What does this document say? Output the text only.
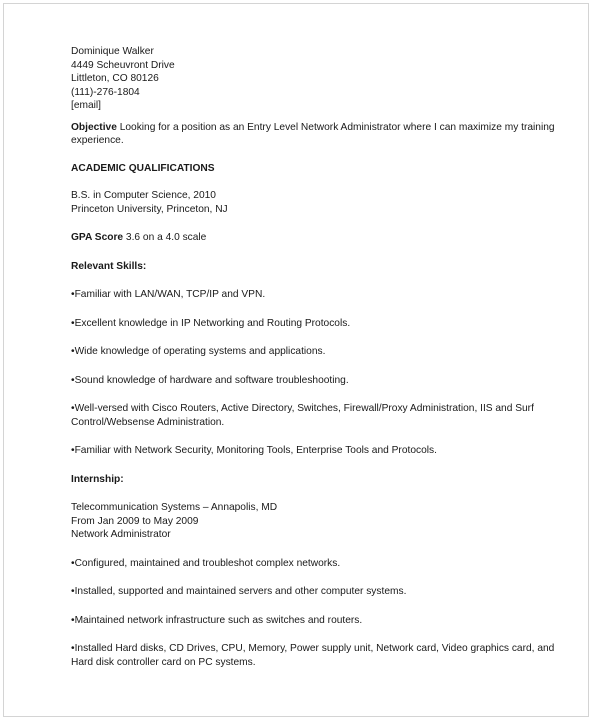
Dominique Walker
4449 Scheuvront Drive
Littleton, CO 80126
(111)-276-1804
[email]
Objective Looking for a position as an Entry Level Network Administrator where I can maximize my training experience.
ACADEMIC QUALIFICATIONS
B.S. in Computer Science, 2010
Princeton University, Princeton, NJ
GPA Score 3.6 on a 4.0 scale
Relevant Skills:
•Familiar with LAN/WAN, TCP/IP and VPN.
•Excellent knowledge in IP Networking and Routing Protocols.
•Wide knowledge of operating systems and applications.
•Sound knowledge of hardware and software troubleshooting.
•Well-versed with Cisco Routers, Active Directory, Switches, Firewall/Proxy Administration, IIS and Surf Control/Websense Administration.
•Familiar with Network Security, Monitoring Tools, Enterprise Tools and Protocols.
Internship:
Telecommunication Systems – Annapolis, MD
From Jan 2009 to May 2009
Network Administrator
•Configured, maintained and troubleshot complex networks.
•Installed, supported and maintained servers and other computer systems.
•Maintained network infrastructure such as switches and routers.
•Installed Hard disks, CD Drives, CPU, Memory, Power supply unit, Network card, Video graphics card, and Hard disk controller card on PC systems.
